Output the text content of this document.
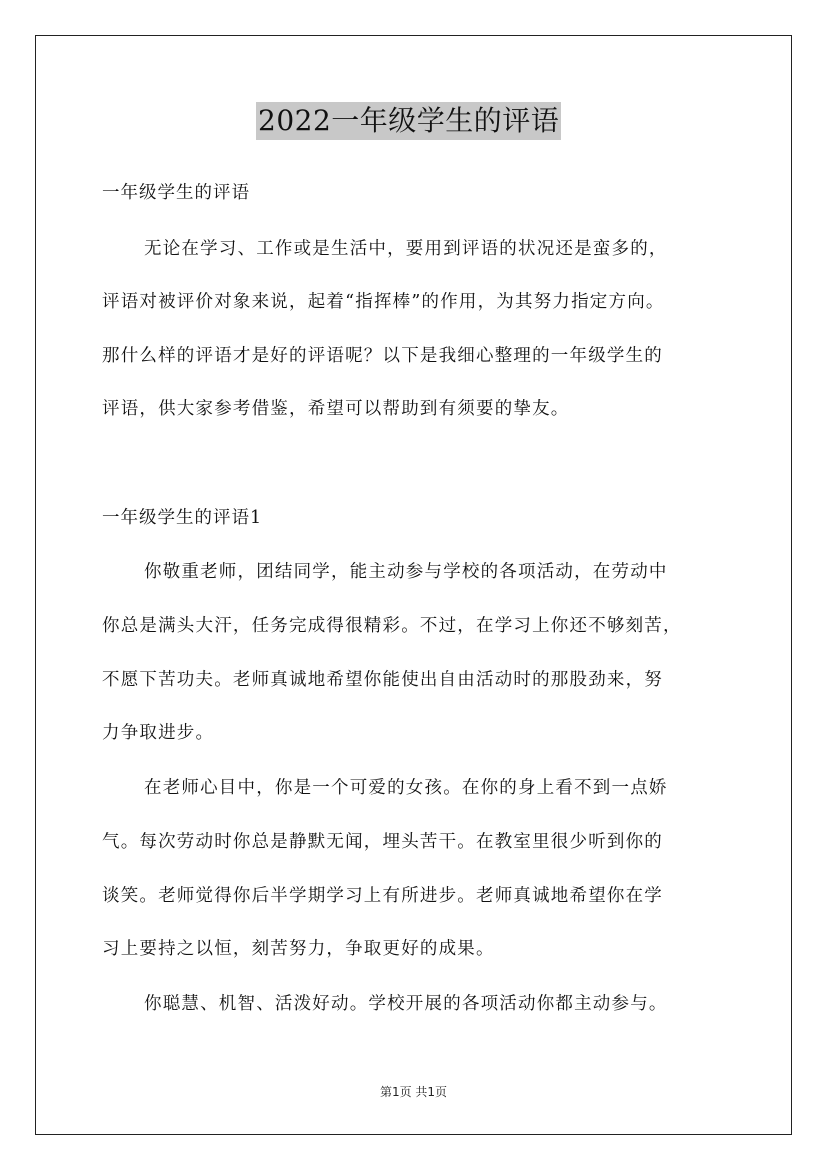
2022一年级学生的评语
一年级学生的评语
无论在学习、工作或是生活中，要用到评语的状况还是蛮多的，
评语对被评价对象来说，起着“指挥棒”的作用，为其努力指定方向。
那什么样的评语才是好的评语呢？以下是我细心整理的一年级学生的
评语，供大家参考借鉴，希望可以帮助到有须要的挚友。
一年级学生的评语1
你敬重老师，团结同学，能主动参与学校的各项活动，在劳动中
你总是满头大汗，任务完成得很精彩。不过，在学习上你还不够刻苦，
不愿下苦功夫。老师真诚地希望你能使出自由活动时的那股劲来，努
力争取进步。
在老师心目中，你是一个可爱的女孩。在你的身上看不到一点娇
气。每次劳动时你总是静默无闻，埋头苦干。在教室里很少听到你的
谈笑。老师觉得你后半学期学习上有所进步。老师真诚地希望你在学
习上要持之以恒，刻苦努力，争取更好的成果。
你聪慧、机智、活泼好动。学校开展的各项活动你都主动参与。
第1页 共1页
